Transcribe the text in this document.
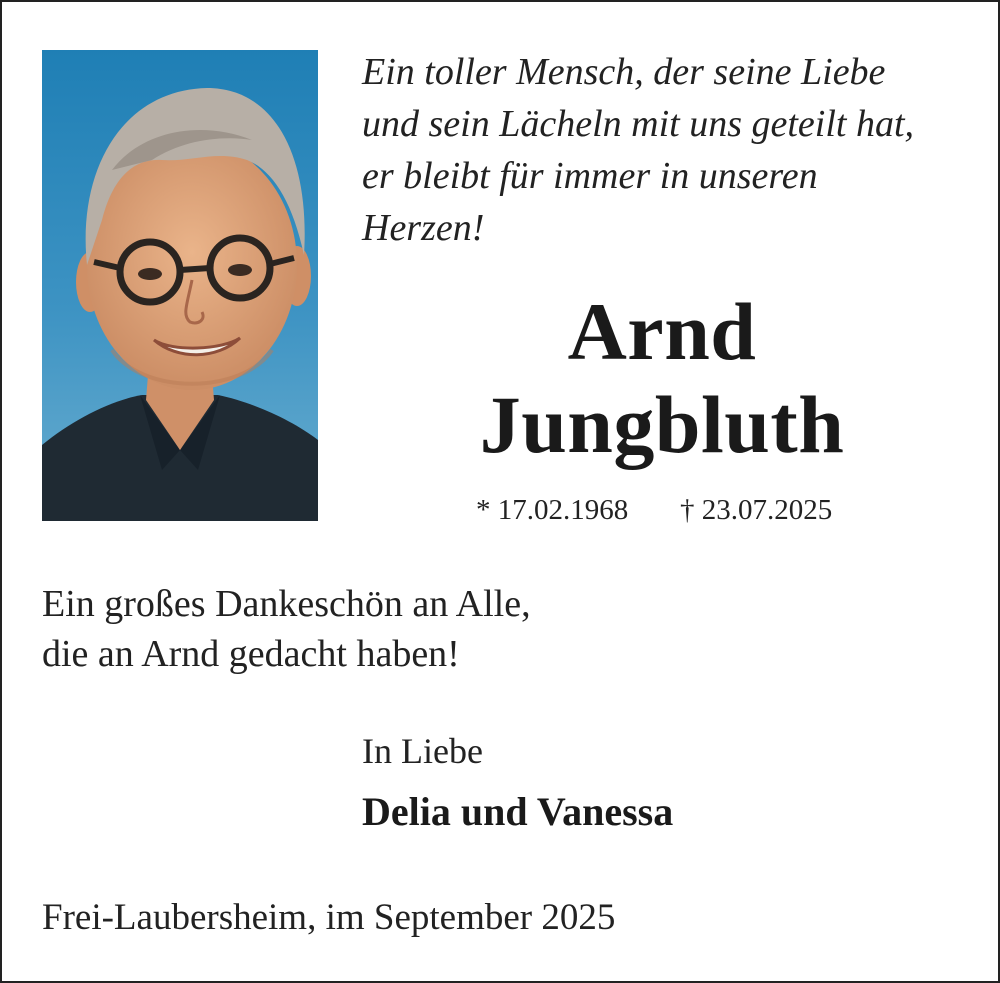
Ein toller Mensch, der seine Liebe
und sein Lächeln mit uns geteilt hat,
er bleibt für immer in unseren
Herzen!
Arnd
Jungbluth
* 17.02.1968 † 23.07.2025
Ein großes Dankeschön an Alle,
die an Arnd gedacht haben!
In Liebe
Delia und Vanessa
Frei-Laubersheim, im September 2025
